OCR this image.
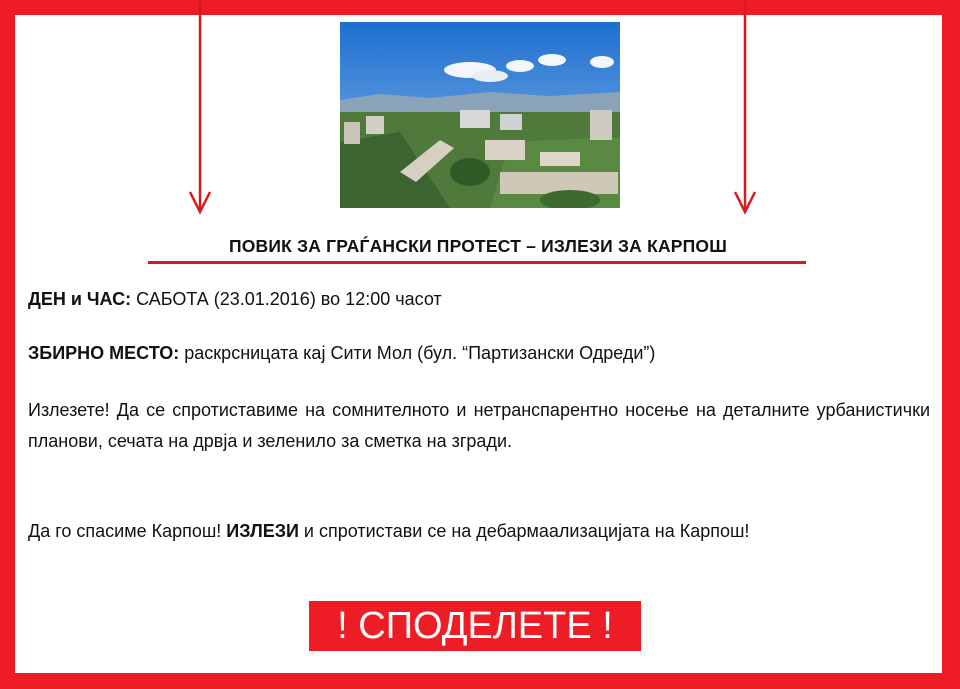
ПОВИК ЗА ГРАЃАНСКИ ПРОТЕСТ – ИЗЛЕЗИ ЗА КАРПОШ
ДЕН и ЧАС: САБОТА (23.01.2016) во 12:00 часот
ЗБИРНО МЕСТО: раскрсницата кај Сити Мол (бул. “Партизански Одреди”)
Излезете! Да се спротиставиме на сомнителното и нетранспарентно носење на деталните урбанистички планови, сечата на дрвја и зеленило за сметка на згради.
Да го спасиме Карпош! ИЗЛЕЗИ и спротистави се на дебармаализацијата на Карпош!
! СПОДЕЛЕТЕ !
